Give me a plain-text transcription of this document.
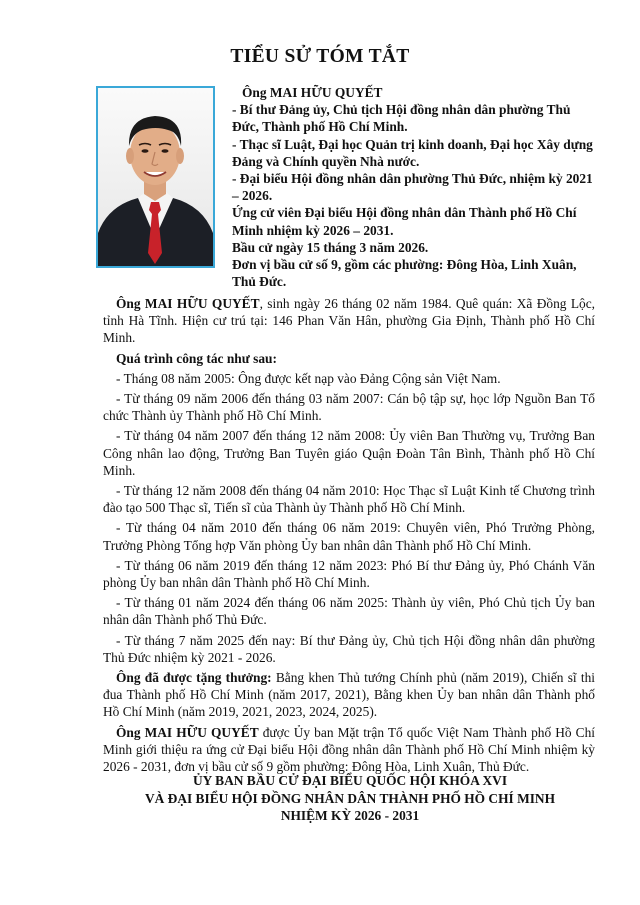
TIỂU SỬ TÓM TẮT

Ông MAI HỮU QUYẾT

- Bí thư Đảng ủy, Chủ tịch Hội đồng nhân dân phường Thủ Đức, Thành phố Hồ Chí Minh.

- Thạc sĩ Luật, Đại học Quản trị kinh doanh, Đại học Xây dựng Đảng và Chính quyền Nhà nước.

- Đại biểu Hội đồng nhân dân phường Thủ Đức, nhiệm kỳ 2021 – 2026.

Ứng cử viên Đại biểu Hội đồng nhân dân Thành phố Hồ Chí Minh nhiệm kỳ 2026 – 2031.

Bầu cử ngày 15 tháng 3 năm 2026.

Đơn vị bầu cử số 9, gồm các phường: Đông Hòa, Linh Xuân, Thủ Đức.

Ông MAI HỮU QUYẾT, sinh ngày 26 tháng 02 năm 1984. Quê quán: Xã Đồng Lộc, tỉnh Hà Tĩnh. Hiện cư trú tại: 146 Phan Văn Hân, phường Gia Định, Thành phố Hồ Chí Minh.

Quá trình công tác như sau:

- Tháng 08 năm 2005: Ông được kết nạp vào Đảng Cộng sản Việt Nam.

- Từ tháng 09 năm 2006 đến tháng 03 năm 2007: Cán bộ tập sự, học lớp Nguồn Ban Tổ chức Thành ủy Thành phố Hồ Chí Minh.

- Từ tháng 04 năm 2007 đến tháng 12 năm 2008: Ủy viên Ban Thường vụ, Trưởng Ban Công nhân lao động, Trưởng Ban Tuyên giáo Quận Đoàn Tân Bình, Thành phố Hồ Chí Minh.

- Từ tháng 12 năm 2008 đến tháng 04 năm 2010: Học Thạc sĩ Luật Kinh tế Chương trình đào tạo 500 Thạc sĩ, Tiến sĩ của Thành ủy Thành phố Hồ Chí Minh.

- Từ tháng 04 năm 2010 đến tháng 06 năm 2019: Chuyên viên, Phó Trưởng Phòng, Trưởng Phòng Tổng hợp Văn phòng Ủy ban nhân dân Thành phố Hồ Chí Minh.

- Từ tháng 06 năm 2019 đến tháng 12 năm 2023: Phó Bí thư Đảng ủy, Phó Chánh Văn phòng Ủy ban nhân dân Thành phố Hồ Chí Minh.

- Từ tháng 01 năm 2024 đến tháng 06 năm 2025: Thành ủy viên, Phó Chủ tịch Ủy ban nhân dân Thành phố Thủ Đức.

- Từ tháng 7 năm 2025 đến nay: Bí thư Đảng ủy, Chủ tịch Hội đồng nhân dân phường Thủ Đức nhiệm kỳ 2021 - 2026.

Ông đã được tặng thưởng: Bằng khen Thủ tướng Chính phủ (năm 2019), Chiến sĩ thi đua Thành phố Hồ Chí Minh (năm 2017, 2021), Bằng khen Ủy ban nhân dân Thành phố Hồ Chí Minh (năm 2019, 2021, 2023, 2024, 2025).

Ông MAI HỮU QUYẾT được Ủy ban Mặt trận Tổ quốc Việt Nam Thành phố Hồ Chí Minh giới thiệu ra ứng cử Đại biểu Hội đồng nhân dân Thành phố Hồ Chí Minh nhiệm kỳ 2026 - 2031, đơn vị bầu cử số 9 gồm phường: Đông Hòa, Linh Xuân, Thủ Đức.

ỦY BAN BẦU CỬ ĐẠI BIỂU QUỐC HỘI KHÓA XVI

VÀ ĐẠI BIỂU HỘI ĐỒNG NHÂN DÂN THÀNH PHỐ HỒ CHÍ MINH

NHIỆM KỲ 2026 - 2031
